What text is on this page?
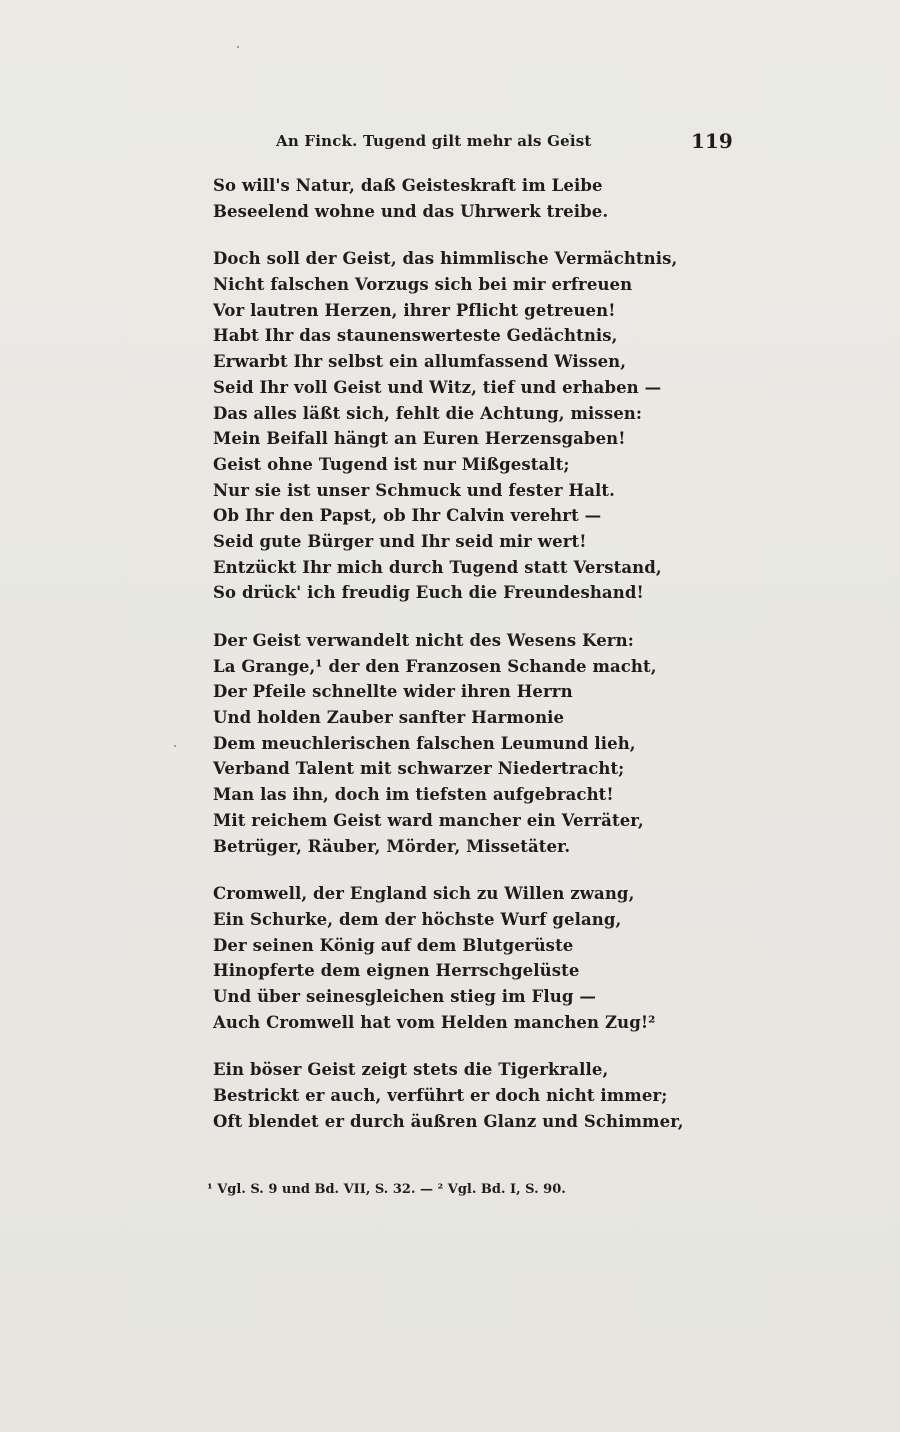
An Finck. Tugend gilt mehr als Geist	119
So will's Natur, daß Geisteskraft im Leibe
Beseelend wohne und das Uhrwerk treibe.
Doch soll der Geist, das himmlische Vermächtnis,
Nicht falschen Vorzugs sich bei mir erfreuen
Vor lautren Herzen, ihrer Pflicht getreuen!
Habt Ihr das staunenswerteste Gedächtnis,
Erwarbt Ihr selbst ein allumfassend Wissen,
Seid Ihr voll Geist und Witz, tief und erhaben —
Das alles läßt sich, fehlt die Achtung, missen:
Mein Beifall hängt an Euren Herzensgaben!
Geist ohne Tugend ist nur Mißgestalt;
Nur sie ist unser Schmuck und fester Halt.
Ob Ihr den Papst, ob Ihr Calvin verehrt —
Seid gute Bürger und Ihr seid mir wert!
Entzückt Ihr mich durch Tugend statt Verstand,
So drück' ich freudig Euch die Freundeshand!
Der Geist verwandelt nicht des Wesens Kern:
La Grange,¹ der den Franzosen Schande macht,
Der Pfeile schnellte wider ihren Herrn
Und holden Zauber sanfter Harmonie
Dem meuchlerischen falschen Leumund lieh,
Verband Talent mit schwarzer Niedertracht;
Man las ihn, doch im tiefsten aufgebracht!
Mit reichem Geist ward mancher ein Verräter,
Betrüger, Räuber, Mörder, Missetäter.
Cromwell, der England sich zu Willen zwang,
Ein Schurke, dem der höchste Wurf gelang,
Der seinen König auf dem Blutgerüste
Hinopferte dem eignen Herrschgelüste
Und über seinesgleichen stieg im Flug —
Auch Cromwell hat vom Helden manchen Zug!²
Ein böser Geist zeigt stets die Tigerkralle,
Bestrickt er auch, verführt er doch nicht immer;
Oft blendet er durch äußren Glanz und Schimmer,
¹ Vgl. S. 9 und Bd. VII, S. 32. — ² Vgl. Bd. I, S. 90.
